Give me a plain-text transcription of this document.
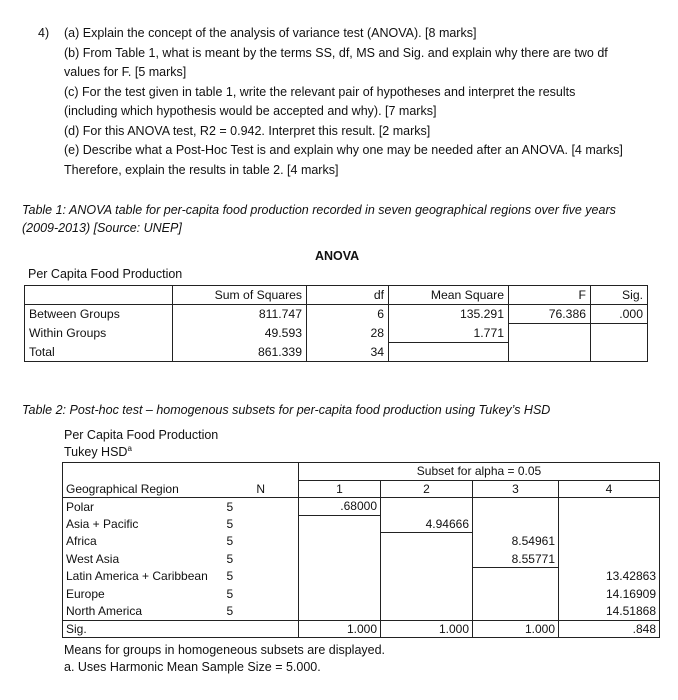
4)	(a) Explain the concept of the analysis of variance test (ANOVA). [8 marks]
(b) From Table 1, what is meant by the terms SS, df, MS and Sig. and explain why there are two df
values for F. [5 marks]
(c) For the test given in table 1, write the relevant pair of hypotheses and interpret the results
(including which hypothesis would be accepted and why). [7 marks]
(d) For this ANOVA test, R2 = 0.942. Interpret this result. [2 marks]
(e) Describe what a Post-Hoc Test is and explain why one may be needed after an ANOVA. [4 marks]
Therefore, explain the results in table 2. [4 marks]
Table 1: ANOVA table for per-capita food production recorded in seven geographical regions over five years (2009-2013) [Source: UNEP]
ANOVA
Per Capita Food Production
	Sum of Squares	df	Mean Square	F	Sig.
Between Groups	811.747	6	135.291	76.386	.000
Within Groups	49.593	28	1.771		
Total	861.339	34			
Table 2: Post-hoc test – homogenous subsets for per-capita food production using Tukey’s HSD
Per Capita Food Production
Tukey HSD$^a$
		Subset for alpha = 0.05			
Geographical Region	N	1	2	3	4
Polar	5	.68000			
Asia + Pacific	5		4.94666		
Africa	5			8.54961	
West Asia	5			8.55771	
Latin America + Caribbean	5				13.42863
Europe	5				14.16909
North America	5				14.51868
Sig.		1.000	1.000	1.000	.848
Means for groups in homogeneous subsets are displayed.
a. Uses Harmonic Mean Sample Size = 5.000.
